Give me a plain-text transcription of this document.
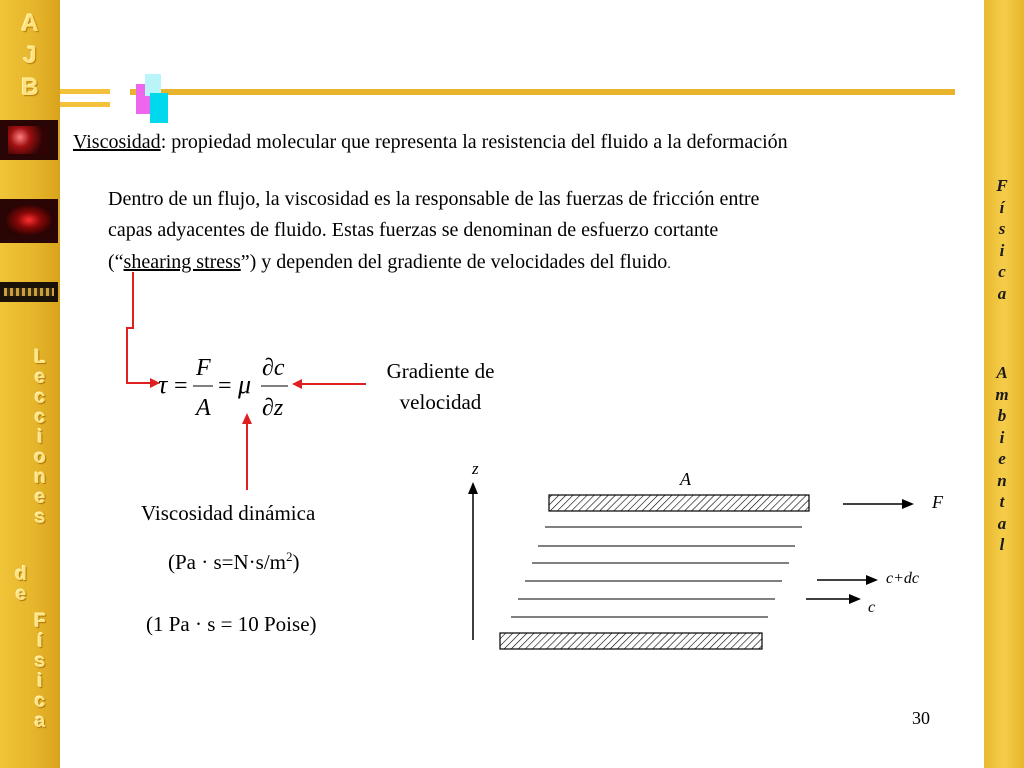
A
J
B
L
e
c
c
i
o
n
e
s
d
e
F
í
s
i
c
a
F
í
s
i
c
a
A
m
b
i
e
n
t
a
l
Viscosidad: propiedad molecular que representa la resistencia del fluido a la deformación
Dentro de un flujo, la viscosidad es la responsable de las fuerzas de fricción entre
capas adyacentes de fluido. Estas fuerzas se denominan de esfuerzo cortante
(“shearing stress”) y dependen del gradiente de velocidades del fluido.
τ =
F
A
= μ
∂c
∂z
z
A
F
c+dc
c
Gradiente de
velocidad
Viscosidad dinámica
$(Pa \cdot s=N\cdot s/m^2)$
(1 Pa · s = 10 Poise)
30
